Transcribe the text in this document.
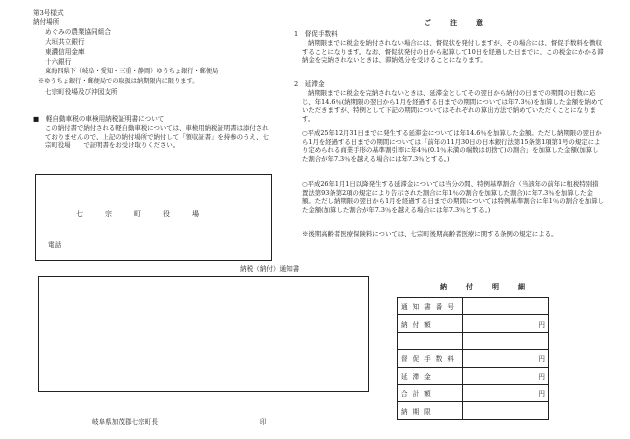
第3号様式
納付場所
めぐみの農業協同組合
大垣共立銀行
東濃信用金庫
十六銀行
東海四県下（岐阜・愛知・三重・静岡）ゆうちょ銀行・郵便局
※ゆうちょ銀行・郵便局での取扱は納期限内に限ります。
七宗町役場及び沖図支所
■　軽自動車税の車検用納税証明書について
この納付書で納付される軽自動車税については、車検用納税証明書は添付されておりませんので、上記の納付場所で納付して「領収証書」を持参のうえ、七宗町役場　　で証明書をお受け取りください。
七宗町役場
電話
ご　注　意
1　督促手数料
納期限までに税金を納付されない場合には、督促状を発付しますが、その場合には、督促手数料を徴収することになります。なお、督促状発付の日から起算して10日を経過した日までに、この税金にかかる滞納金を完納されないときは、滞納処分を受けることになります。
2　延滞金
納期限までに税金を完納されないときは、延滞金としてその翌日から納付の日までの期間の日数に応じ、年14.6％(納期限の翌日から1月を経過する日までの期間については年7.3％)を加算した金額を納めていただきますが、特例として下記の期間についてはそれぞれの算出方法で納めていただくことになります。
○平成25年12月31日までに発生する延滞金については年14.6％を加算した金額。ただし納期限の翌日から1月を経過する日までの期間については「前年の11月30日の日本銀行法第15条第1項第1号の規定により定められる商業手形の基準割引率に年4％(0.1％未満の端数は切捨て)の割合」を加算した金額(加算した割合が年7.3％を越える場合には年7.3％とする。)
○平成26年1月1日以降発生する延滞金については当分の間、特例基準割合（当該年の前年に租税特別措置法第93条第2項の規定により告示された割合に年1％の割合を加算した割合)に年7.3％を加算した金額。ただし納期限の翌日から1月を経過する日までの期間については特例基準割合に年1％の割合を加算した金額(加算した割合が年7.3％を越える場合には年7.3％とする。)
※後期高齢者医療保険料については、七宗町後期高齢者医療に関する条例の規定による。
納税（納付）通知書
納　付　明　細
通知書番号	
納付額	円

督促手数料	円
延滞金	円
合計額	円
納期限	
岐阜県加茂郡七宗町長	印
